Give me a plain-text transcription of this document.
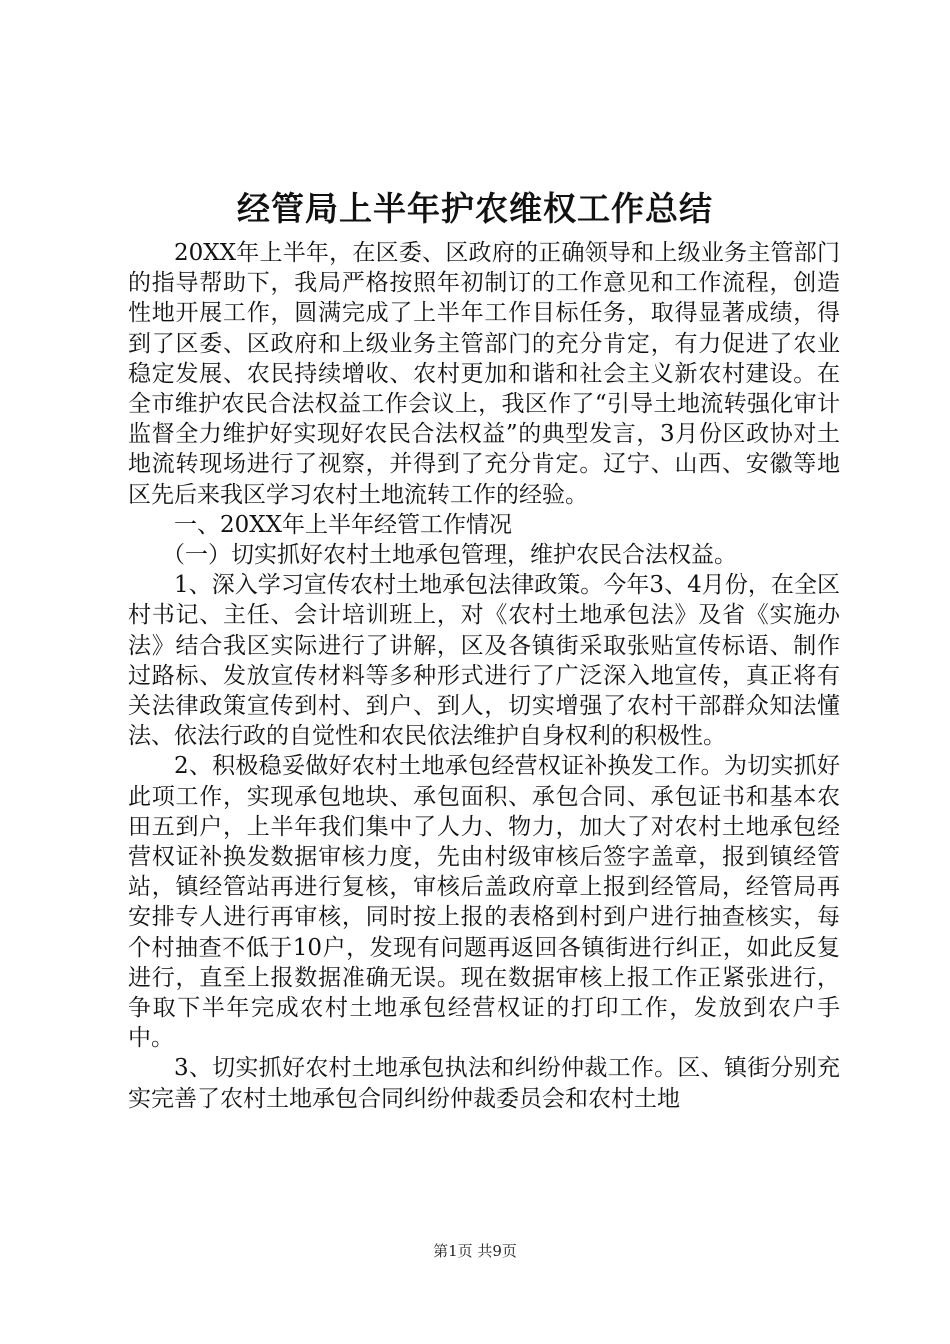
经管局上半年护农维权工作总结

20XX年上半年，在区委、区政府的正确领导和上级业务主管部门的指导帮助下，我局严格按照年初制订的工作意见和工作流程，创造性地开展工作，圆满完成了上半年工作目标任务，取得显著成绩，得到了区委、区政府和上级业务主管部门的充分肯定，有力促进了农业稳定发展、农民持续增收、农村更加和谐和社会主义新农村建设。在全市维护农民合法权益工作会议上，我区作了“引导土地流转强化审计监督全力维护好实现好农民合法权益”的典型发言，3月份区政协对土地流转现场进行了视察，并得到了充分肯定。辽宁、山西、安徽等地区先后来我区学习农村土地流转工作的经验。

一、20XX年上半年经管工作情况

（一）切实抓好农村土地承包管理，维护农民合法权益。

1、深入学习宣传农村土地承包法律政策。今年3、4月份，在全区村书记、主任、会计培训班上，对《农村土地承包法》及省《实施办法》结合我区实际进行了讲解，区及各镇街采取张贴宣传标语、制作过路标、发放宣传材料等多种形式进行了广泛深入地宣传，真正将有关法律政策宣传到村、到户、到人，切实增强了农村干部群众知法懂法、依法行政的自觉性和农民依法维护自身权利的积极性。

2、积极稳妥做好农村土地承包经营权证补换发工作。为切实抓好此项工作，实现承包地块、承包面积、承包合同、承包证书和基本农田五到户，上半年我们集中了人力、物力，加大了对农村土地承包经营权证补换发数据审核力度，先由村级审核后签字盖章，报到镇经管站，镇经管站再进行复核，审核后盖政府章上报到经管局，经管局再安排专人进行再审核，同时按上报的表格到村到户进行抽查核实，每个村抽查不低于10户，发现有问题再返回各镇街进行纠正，如此反复进行，直至上报数据准确无误。现在数据审核上报工作正紧张进行，争取下半年完成农村土地承包经营权证的打印工作，发放到农户手中。

3、切实抓好农村土地承包执法和纠纷仲裁工作。区、镇街分别充实完善了农村土地承包合同纠纷仲裁委员会和农村土地

第1页 共9页
